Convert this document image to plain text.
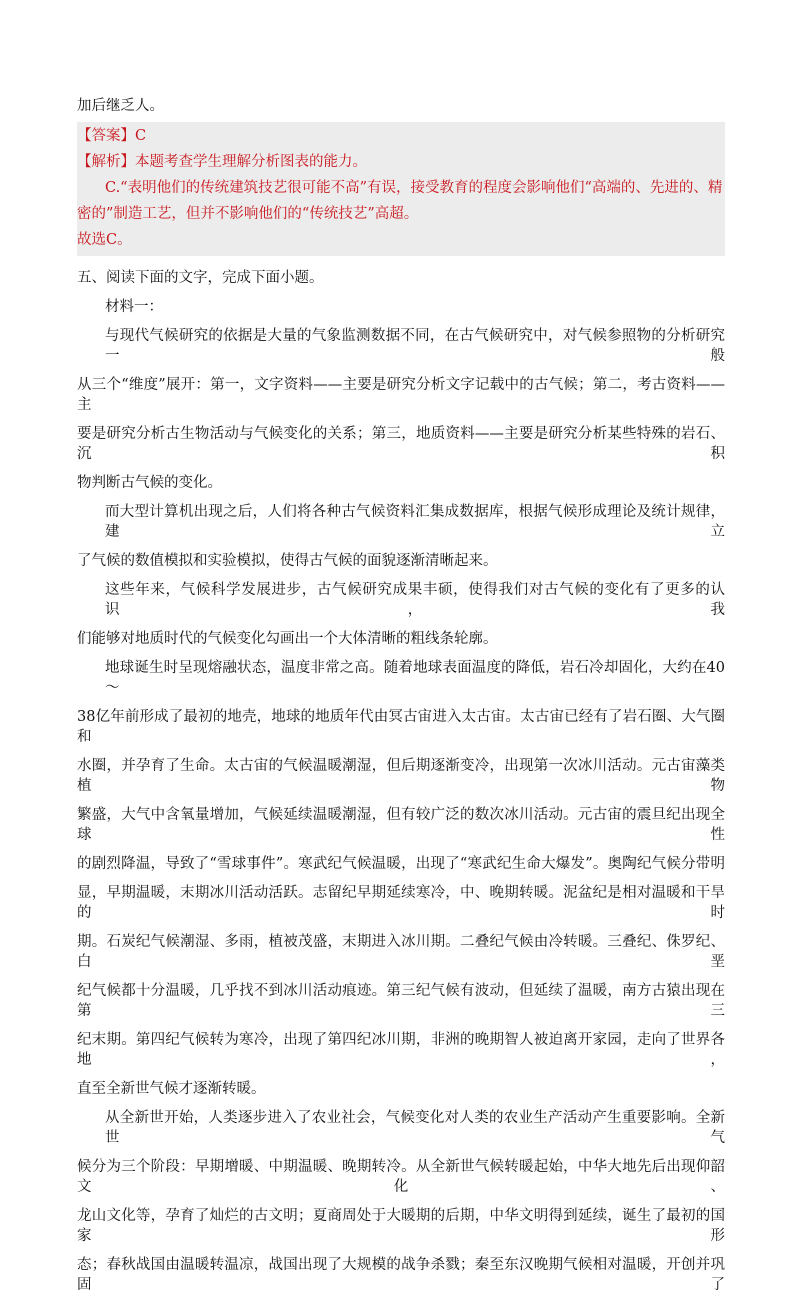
加后继乏人。
【答案】C
【解析】本题考查学生理解分析图表的能力。
C.“表明他们的传统建筑技艺很可能不高”有误，接受教育的程度会影响他们“高端的、先进的、精
密的”制造工艺，但并不影响他们的“传统技艺”高超。
故选C。
五、阅读下面的文字，完成下面小题。
材料一：
与现代气候研究的依据是大量的气象监测数据不同，在古气候研究中，对气候参照物的分析研究一般
从三个“维度”展开：第一，文字资料——主要是研究分析文字记载中的古气候；第二，考古资料——主
要是研究分析古生物活动与气候变化的关系；第三，地质资料——主要是研究分析某些特殊的岩石、沉积
物判断古气候的变化。
而大型计算机出现之后，人们将各种古气候资料汇集成数据库，根据气候形成理论及统计规律，建立
了气候的数值模拟和实验模拟，使得古气候的面貌逐渐清晰起来。
这些年来，气候科学发展进步，古气候研究成果丰硕，使得我们对古气候的变化有了更多的认识，我
们能够对地质时代的气候变化勾画出一个大体清晰的粗线条轮廓。
地球诞生时呈现熔融状态，温度非常之高。随着地球表面温度的降低，岩石冷却固化，大约在40～
38亿年前形成了最初的地壳，地球的地质年代由冥古宙进入太古宙。太古宙已经有了岩石圈、大气圈和
水圈，并孕育了生命。太古宙的气候温暖潮湿，但后期逐渐变冷，出现第一次冰川活动。元古宙藻类植物
繁盛，大气中含氧量增加，气候延续温暖潮湿，但有较广泛的数次冰川活动。元古宙的震旦纪出现全球性
的剧烈降温，导致了“雪球事件”。寒武纪气候温暖，出现了“寒武纪生命大爆发”。奥陶纪气候分带明
显，早期温暖，末期冰川活动活跃。志留纪早期延续寒冷，中、晚期转暖。泥盆纪是相对温暖和干旱的时
期。石炭纪气候潮湿、多雨，植被茂盛，末期进入冰川期。二叠纪气候由冷转暖。三叠纪、侏罗纪、白垩
纪气候都十分温暖，几乎找不到冰川活动痕迹。第三纪气候有波动，但延续了温暖，南方古猿出现在第三
纪末期。第四纪气候转为寒冷，出现了第四纪冰川期，非洲的晚期智人被迫离开家园，走向了世界各地，
直至全新世气候才逐渐转暖。
从全新世开始，人类逐步进入了农业社会，气候变化对人类的农业生产活动产生重要影响。全新世气
候分为三个阶段：早期增暖、中期温暖、晚期转冷。从全新世气候转暖起始，中华大地先后出现仰韶文化、
龙山文化等，孕育了灿烂的古文明；夏商周处于大暖期的后期，中华文明得到延续，诞生了最初的国家形
态；春秋战国由温暖转温凉，战国出现了大规模的战争杀戮；秦至东汉晚期气候相对温暖，开创并巩固了
